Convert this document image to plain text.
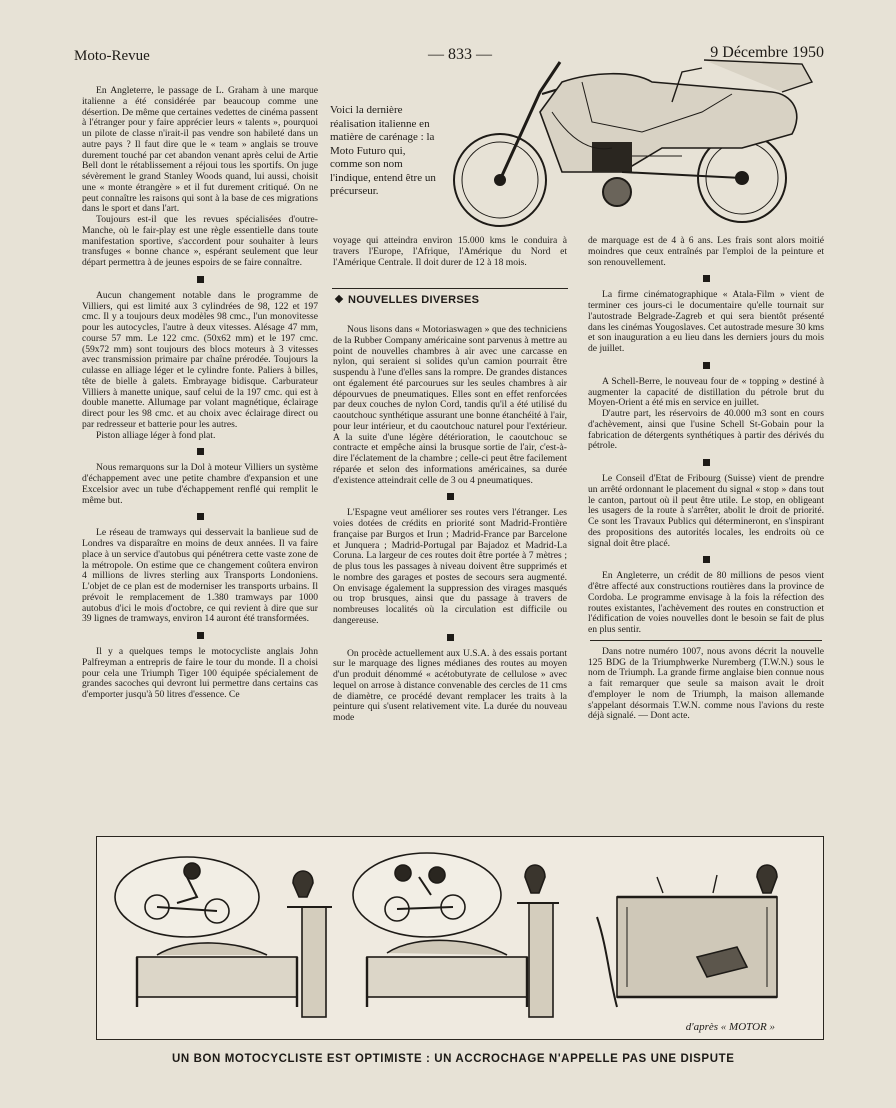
Moto-Revue	— 833 —	9 Décembre 1950

En Angleterre, le passage de L. Graham à une marque italienne a été considérée par beaucoup comme une désertion. De même que certaines vedettes de cinéma passent à l'étranger pour y faire apprécier leurs « talents », pourquoi un pilote de classe n'irait-il pas vendre son habileté dans un autre pays ? Il faut dire que le « team » anglais se trouve durement touché par cet abandon venant après celui de Artie Bell dont le rétablissement a réjoui tous les sportifs. On juge sévèrement le grand Stanley Woods quand, lui aussi, choisit une « monte étrangère » et il fut durement critiqué. On ne peut connaître les raisons qui sont à la base de ces migrations dans le sport et dans l'art.

Toujours est-il que les revues spécialisées d'outre-Manche, où le fair-play est une règle essentielle dans toute manifestation sportive, s'accordent pour souhaiter à leurs transfuges « bonne chance », espérant seulement que leur départ permettra à de jeunes espoirs de se faire connaître.

Aucun changement notable dans le programme de Villiers, qui est limité aux 3 cylindrées de 98, 122 et 197 cmc. Il y a toujours deux modèles 98 cmc., l'un monovitesse pour les autocycles, l'autre à deux vitesses. Alésage 47 mm, course 57 mm. Le 122 cmc. (50x62 mm) et le 197 cmc. (59x72 mm) sont toujours des blocs moteurs à 3 vitesses avec transmission primaire par chaîne prérodée. Toujours la culasse en alliage léger et le cylindre fonte. Paliers à billes, tête de bielle à galets. Embrayage bidisque. Carburateur Villiers à manette unique, sauf celui de la 197 cmc. qui est à double manette. Allumage par volant magnétique, éclairage direct pour les 98 cmc. et au choix avec éclairage direct ou par redresseur et batterie pour les autres.

Piston alliage léger à fond plat.

Nous remarquons sur la Dol à moteur Villiers un système d'échappement avec une petite chambre d'expansion et une Excelsior avec un tube d'échappement renflé qui remplit le même but.

Le réseau de tramways qui desservait la banlieue sud de Londres va disparaître en moins de deux années. Il va faire place à un service d'autobus qui pénétrera cette vaste zone de la métropole. On estime que ce changement coûtera environ 4 millions de livres sterling aux Transports Londoniens. L'objet de ce plan est de moderniser les transports urbains. Il prévoit le remplacement de 1.380 tramways par 1000 autobus d'ici le mois d'octobre, ce qui revient à dire que sur 39 lignes de tramways, environ 14 auront été transformées.

Il y a quelques temps le motocycliste anglais John Palfreyman a entrepris de faire le tour du monde. Il a choisi pour cela une Triumph Tiger 100 équipée spécialement de grandes sacoches qui devront lui permettre dans certains cas d'emporter jusqu'à 50 litres d'essence. Ce

Voici la dernière réalisation italienne en matière de carénage : la Moto Futuro qui, comme son nom l'indique, entend être un précurseur.

voyage qui atteindra environ 15.000 kms le conduira à travers l'Europe, l'Afrique, l'Amérique du Nord et l'Amérique Centrale. Il doit durer de 12 à 18 mois.

NOUVELLES DIVERSES

Nous lisons dans « Motoriaswagen » que des techniciens de la Rubber Company américaine sont parvenus à mettre au point de nouvelles chambres à air avec une carcasse en nylon, qui seraient si solides qu'un camion pourrait être suspendu à l'une d'elles sans la rompre. De grandes distances ont également été parcourues sur les seules chambres à air dépourvues de pneumatiques. Elles sont en effet renforcées par deux couches de nylon Cord, tandis qu'il a été utilisé du caoutchouc synthétique assurant une bonne étanchéité à l'air, pour leur intérieur, et du caoutchouc naturel pour l'extérieur. A la suite d'une légère détérioration, le caoutchouc se contracte et empêche ainsi la brusque sortie de l'air, c'est-à-dire l'éclatement de la chambre ; celle-ci peut être facilement réparée et selon des informations américaines, sa durée d'existence atteindrait celle de 3 ou 4 pneumatiques.

L'Espagne veut améliorer ses routes vers l'étranger. Les voies dotées de crédits en priorité sont Madrid-Frontière française par Burgos et Irun ; Madrid-France par Barcelone et Junquera ; Madrid-Portugal par Bajadoz et Madrid-La Coruna. La largeur de ces routes doit être portée à 7 mètres ; de plus tous les passages à niveau doivent être supprimés et le nombre des garages et postes de secours sera augmenté. On envisage également la suppression des virages masqués ou trop brusques, ainsi que du passage à travers de nombreuses localités où la circulation est difficile ou dangereuse.

On procède actuellement aux U.S.A. à des essais portant sur le marquage des lignes médianes des routes au moyen d'un produit dénommé « acétobutyrate de cellulose » avec lequel on arrose à distance convenable des cercles de 11 cms de diamètre, ce procédé devant remplacer les traits à la peinture qui s'usent relativement vite. La durée du nouveau mode

de marquage est de 4 à 6 ans. Les frais sont alors moitié moindres que ceux entraînés par l'emploi de la peinture et son renouvellement.

La firme cinématographique « Atala-Film » vient de terminer ces jours-ci le documentaire qu'elle tournait sur l'autostrade Belgrade-Zagreb et qui sera bientôt présenté dans les cinémas Yougoslaves. Cet autostrade mesure 30 kms et son inauguration a eu lieu dans les derniers jours du mois de juillet.

A Schell-Berre, le nouveau four de « topping » destiné à augmenter la capacité de distillation du pétrole brut du Moyen-Orient a été mis en service en juillet.

D'autre part, les réservoirs de 40.000 m3 sont en cours d'achèvement, ainsi que l'usine Schell St-Gobain pour la fabrication de détergents synthétiques à partir des dérivés du pétrole.

Le Conseil d'Etat de Fribourg (Suisse) vient de prendre un arrêté ordonnant le placement du signal « stop » dans tout le canton, partout où il peut être utile. Le stop, en obligeant les usagers de la route à s'arrêter, abolit le droit de priorité. Ce sont les Travaux Publics qui détermineront, en s'inspirant des propositions des autorités locales, les endroits où ce signal doit être placé.

En Angleterre, un crédit de 80 millions de pesos vient d'être affecté aux constructions routières dans la province de Cordoba. Le programme envisage à la fois la réfection des routes existantes, l'achèvement des routes en construction et l'édification de voies nouvelles dont le besoin se fait de plus en plus sentir.

Dans notre numéro 1007, nous avons décrit la nouvelle 125 BDG de la Triumphwerke Nuremberg (T.W.N.) sous le nom de Triumph. La grande firme anglaise bien connue nous a fait remarquer que seule sa maison avait le droit d'employer le nom de Triumph, la maison allemande s'appelant désormais T.W.N. comme nous l'avions du reste déjà signalé. — Dont acte.

d'après « MOTOR »
UN BON MOTOCYCLISTE EST OPTIMISTE : UN ACCROCHAGE N'APPELLE PAS UNE DISPUTE
